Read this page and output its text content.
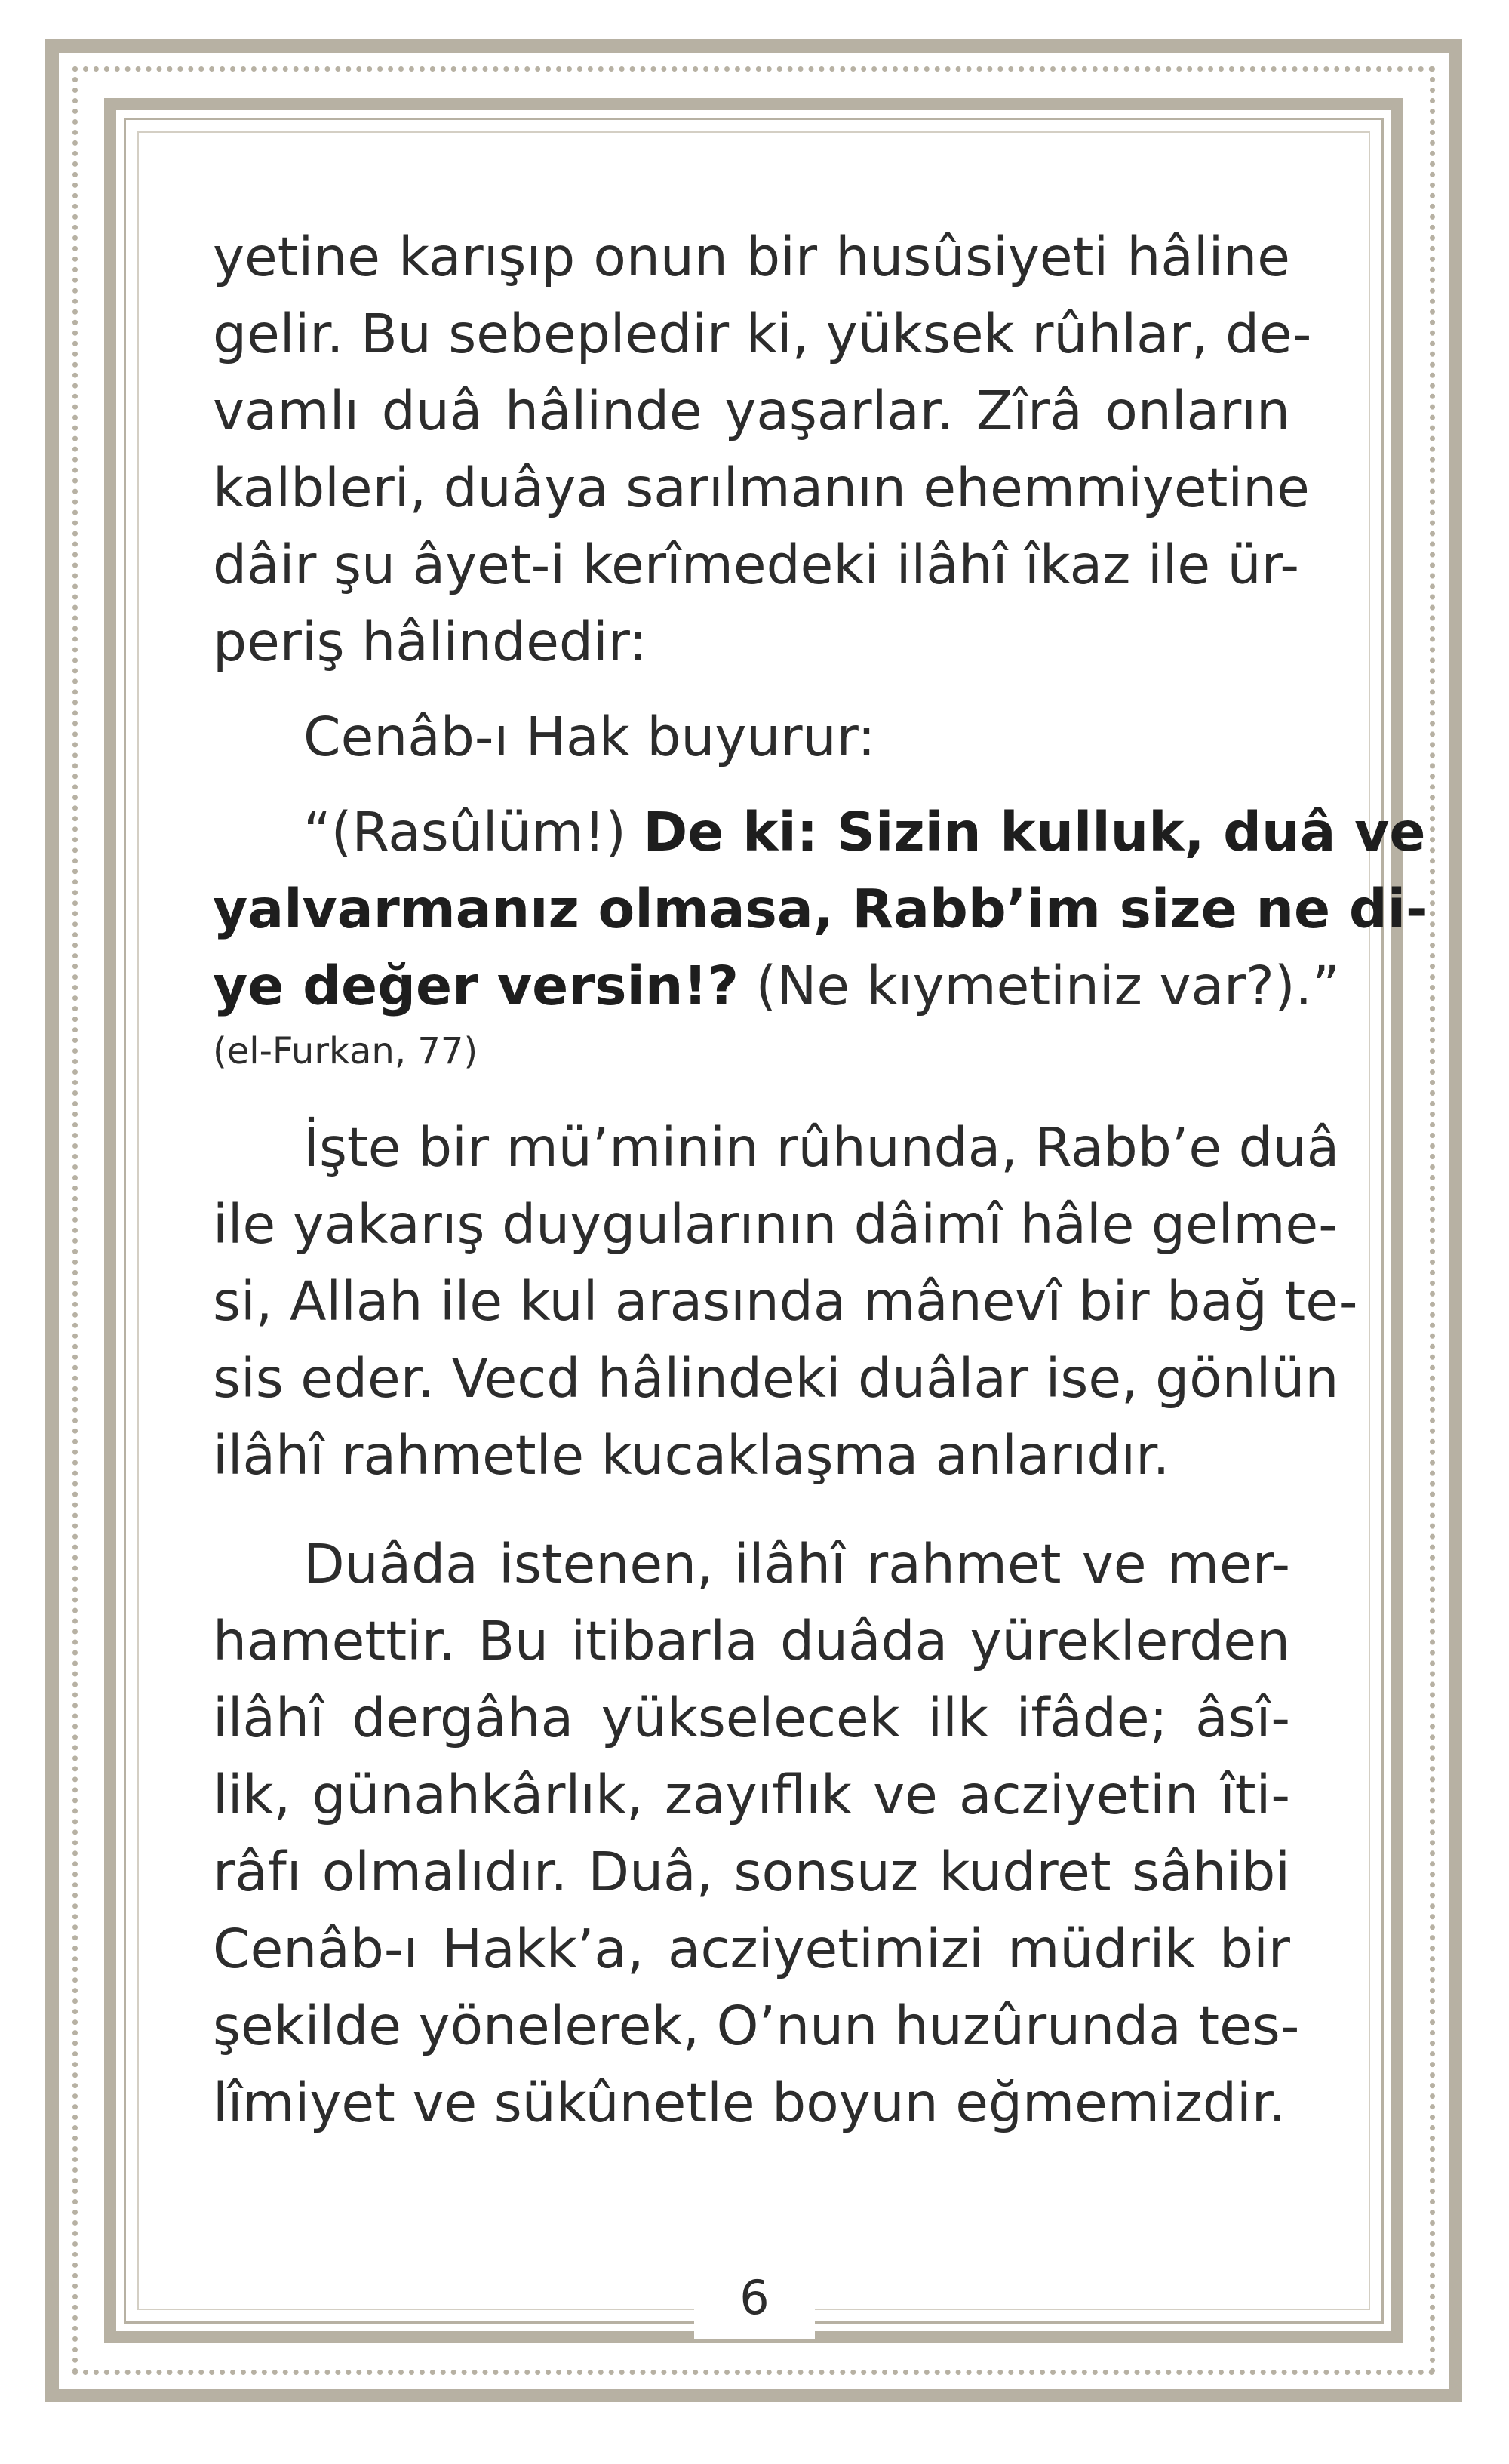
yetine karışıp onun bir husûsiyeti hâline
gelir. Bu sebepledir ki, yüksek rûhlar, de-
vamlı duâ hâlinde yaşarlar. Zîrâ onların
kalbleri, duâya sarılmanın ehemmiyetine
dâir şu âyet-i kerîmedeki ilâhî îkaz ile ür-
periş hâlindedir:
Cenâb-ı Hak buyurur:
“(Rasûlüm!) De ki: Sizin kulluk, duâ ve
yalvarmanız olmasa, Rabb’im size ne di-
ye değer versin!? (Ne kıymetiniz var?).”
(el-Furkan, 77)
İşte bir mü’minin rûhunda, Rabb’e duâ
ile yakarış duygularının dâimî hâle gelme-
si, Allah ile kul arasında mânevî bir bağ te-
sis eder. Vecd hâlindeki duâlar ise, gönlün
ilâhî rahmetle kucaklaşma anlarıdır.
Duâda istenen, ilâhî rahmet ve mer-
hamettir. Bu itibarla duâda yüreklerden
ilâhî dergâha yükselecek ilk ifâde; âsî-
lik, günahkârlık, zayıflık ve acziyetin îti-
râfı olmalıdır. Duâ, sonsuz kudret sâhibi
Cenâb-ı Hakk’a, acziyetimizi müdrik bir
şekilde yönelerek, O’nun huzûrunda tes-
lîmiyet ve sükûnetle boyun eğmemizdir.
6
